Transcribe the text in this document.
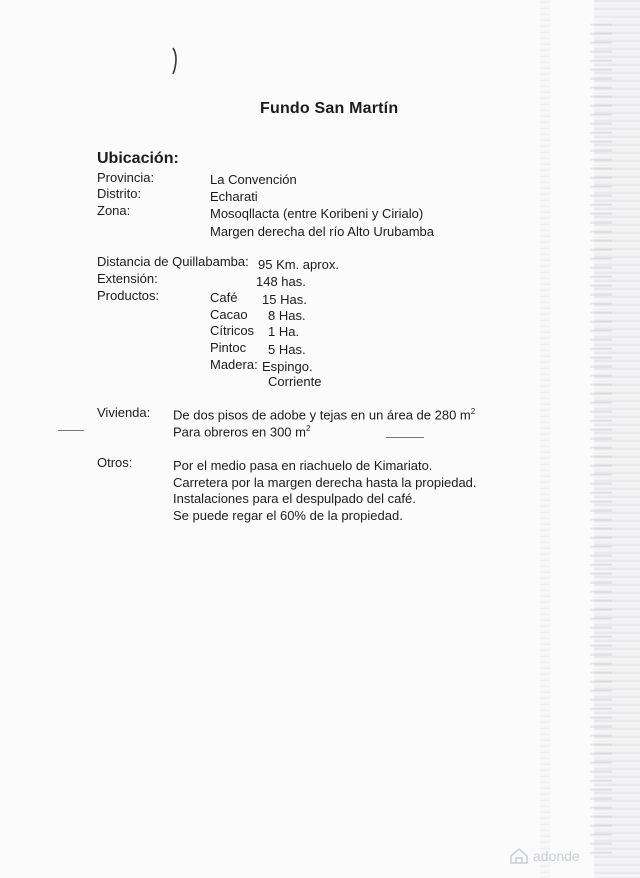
Fundo San Martín
Ubicación:
Provincia:	La Convención
Distrito:	Echarati
Zona:	Mosoqllacta (entre Koribeni y Cirialo)
Margen derecha del río Alto Urubamba
Distancia de Quillabamba: 95 Km. aprox.
Extensión:	148 has.
Productos:	Café 15 Has.
Cacao 8 Has.
Cítricos 1 Ha.
Pintoc 5 Has.
Madera: Espingo.
Corriente
Vivienda: De dos pisos de adobe y tejas en un área de 280 $m^2$
Para obreros en 300 $m^2$
Otros:	Por el medio pasa en riachuelo de Kimariato.
Carretera por la margen derecha hasta la propiedad.
Instalaciones para el despulpado del café.
Se puede regar el 60% de la propiedad.
adonde
